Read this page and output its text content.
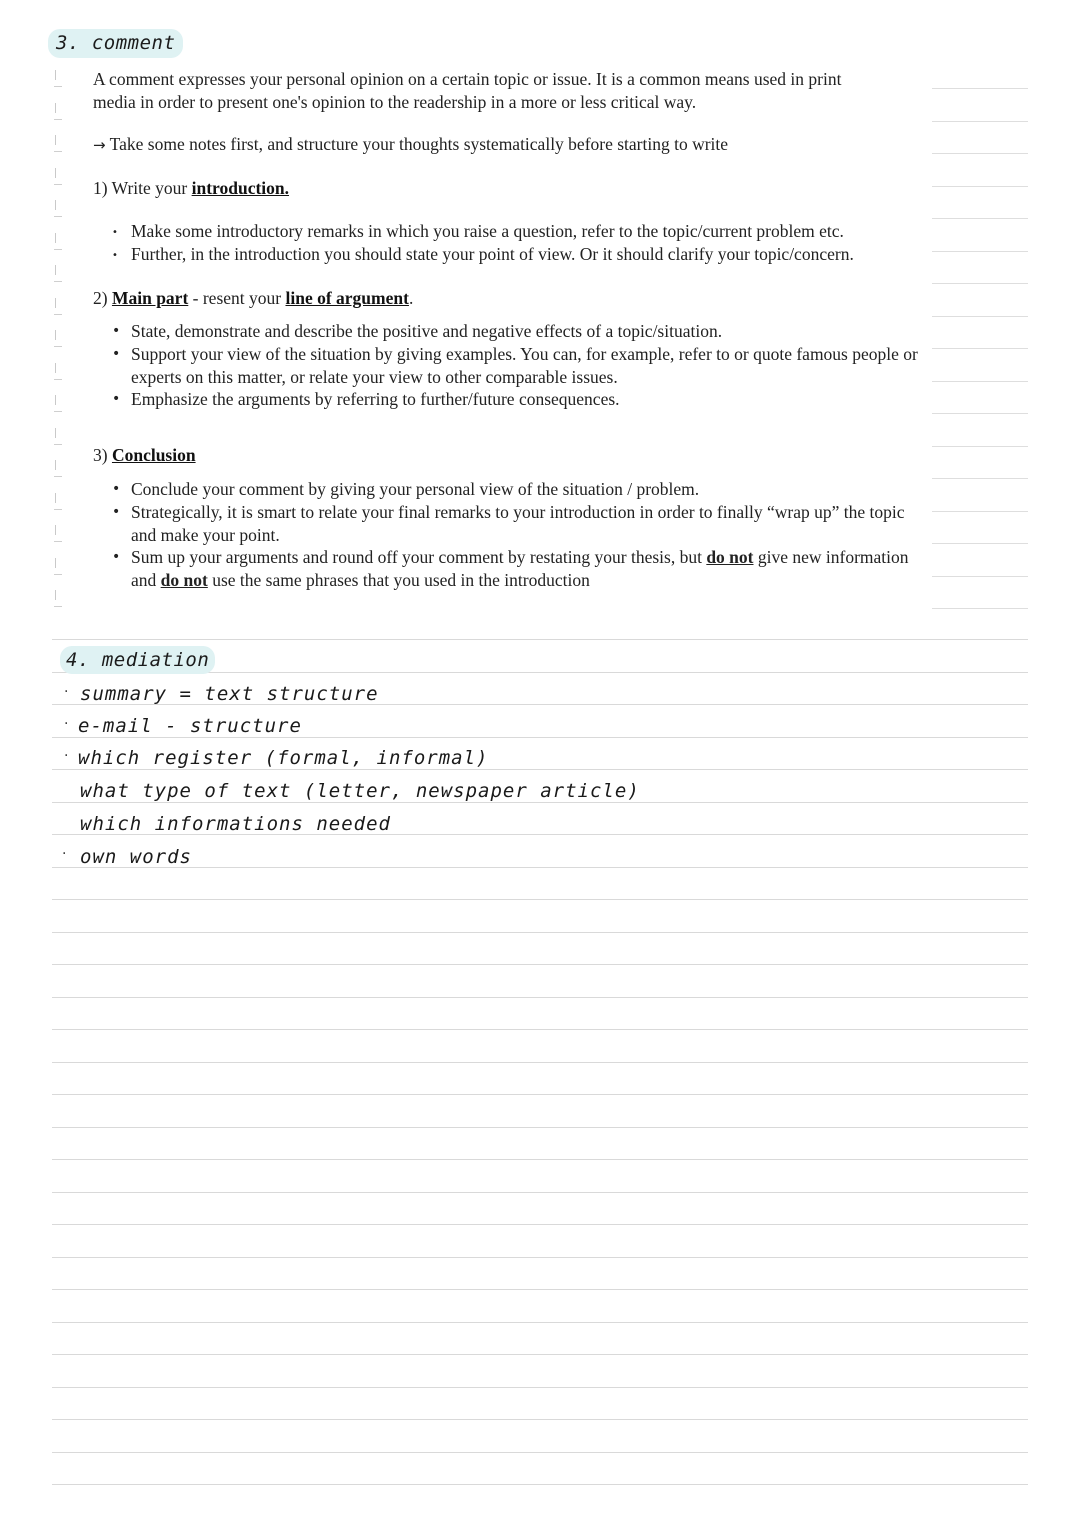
3. comment

A comment expresses your personal opinion on a certain topic or issue. It is a common means used in print

media in order to present one's opinion to the readership in a more or less critical way.

→ Take some notes first, and structure your thoughts systematically before starting to write
1) Write your introduction.
• Make some introductory remarks in which you raise a question, refer to the topic/current problem etc.
• Further, in the introduction you should state your point of view. Or it should clarify your topic/concern.
2) Main part - resent your line of argument.
• State, demonstrate and describe the positive and negative effects of a topic/situation.
• Support your view of the situation by giving examples. You can, for example, refer to or quote famous people or experts on this matter, or relate your view to other comparable issues.
• Emphasize the arguments by referring to further/future consequences.
3) Conclusion
• Conclude your comment by giving your personal view of the situation / problem.
• Strategically, it is smart to relate your final remarks to your introduction in order to finally “wrap up” the topic and make your point.
• Sum up your arguments and round off your comment by restating your thesis, but do not give new information and do not use the same phrases that you used in the introduction
4. mediation
· summary = text structure
· e-mail - structure
· which register (formal, informal)
what type of text (letter, newspaper article)
which informations needed
· own words
